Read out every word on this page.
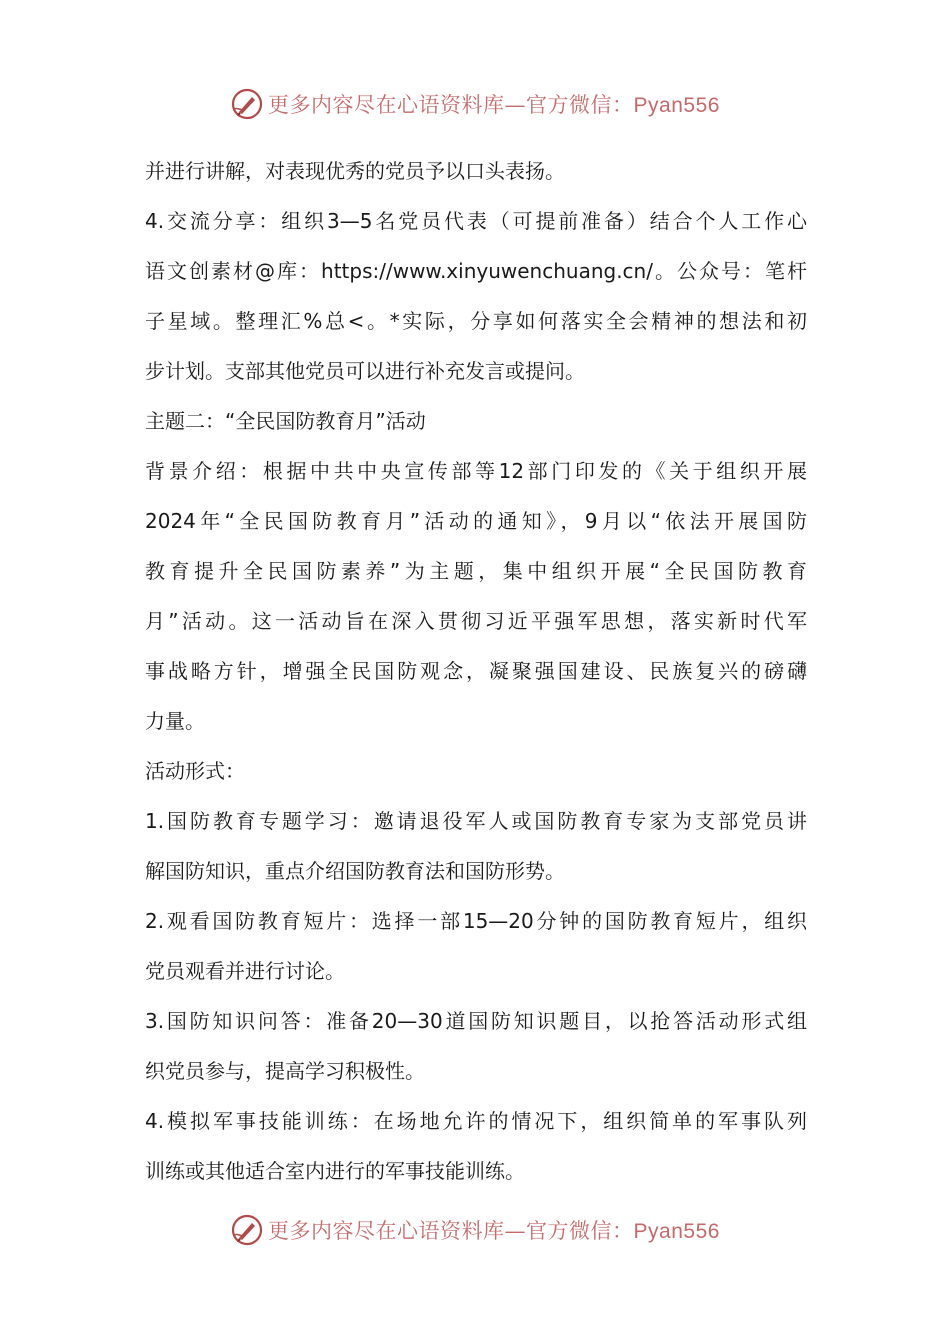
更多内容尽在心语资料库—官方微信：Pyan556
并进行讲解，对表现优秀的党员予以口头表扬。
4.交流分享：组织3—5名党员代表（可提前准备）结合个人工作心
语文创素材@库：https://www.xinyuwenchuang.cn/。公众号：笔杆
子星域。整理汇%总<。*实际，分享如何落实全会精神的想法和初
步计划。支部其他党员可以进行补充发言或提问。
主题二：“全民国防教育月”活动
背景介绍：根据中共中央宣传部等12部门印发的《关于组织开展
2024年“全民国防教育月”活动的通知》，9月以“依法开展国防
教育提升全民国防素养”为主题，集中组织开展“全民国防教育
月”活动。这一活动旨在深入贯彻习近平强军思想，落实新时代军
事战略方针，增强全民国防观念，凝聚强国建设、民族复兴的磅礴
力量。
活动形式：
1.国防教育专题学习：邀请退役军人或国防教育专家为支部党员讲
解国防知识，重点介绍国防教育法和国防形势。
2.观看国防教育短片：选择一部15—20分钟的国防教育短片，组织
党员观看并进行讨论。
3.国防知识问答：准备20—30道国防知识题目，以抢答活动形式组
织党员参与，提高学习积极性。
4.模拟军事技能训练：在场地允许的情况下，组织简单的军事队列
训练或其他适合室内进行的军事技能训练。
更多内容尽在心语资料库—官方微信：Pyan556
